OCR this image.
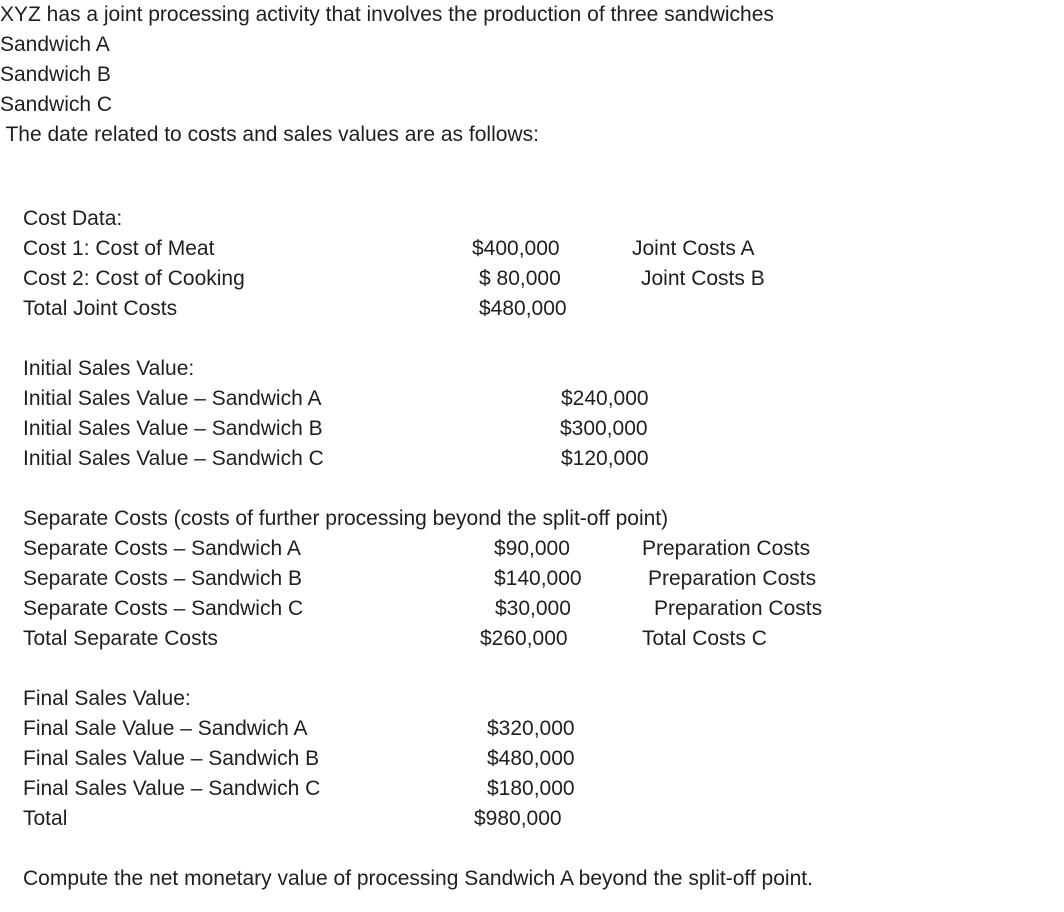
XYZ has a joint processing activity that involves the production of three sandwiches
Sandwich A
Sandwich B
Sandwich C
The date related to costs and sales values are as follows:
Cost Data:
Cost 1: Cost of Meat	$400,000	Joint Costs A
Cost 2: Cost of Cooking	$ 80,000	Joint Costs B
Total Joint Costs	$480,000
Initial Sales Value:
Initial Sales Value – Sandwich A	$240,000
Initial Sales Value – Sandwich B	$300,000
Initial Sales Value – Sandwich C	$120,000
Separate Costs (costs of further processing beyond the split-off point)
Separate Costs – Sandwich A	$90,000	Preparation Costs
Separate Costs – Sandwich B	$140,000	Preparation Costs
Separate Costs – Sandwich C	$30,000	Preparation Costs
Total Separate Costs	$260,000	Total Costs C
Final Sales Value:
Final Sale Value – Sandwich A	$320,000
Final Sales Value – Sandwich B	$480,000
Final Sales Value – Sandwich C	$180,000
Total	$980,000
Compute the net monetary value of processing Sandwich A beyond the split-off point.
